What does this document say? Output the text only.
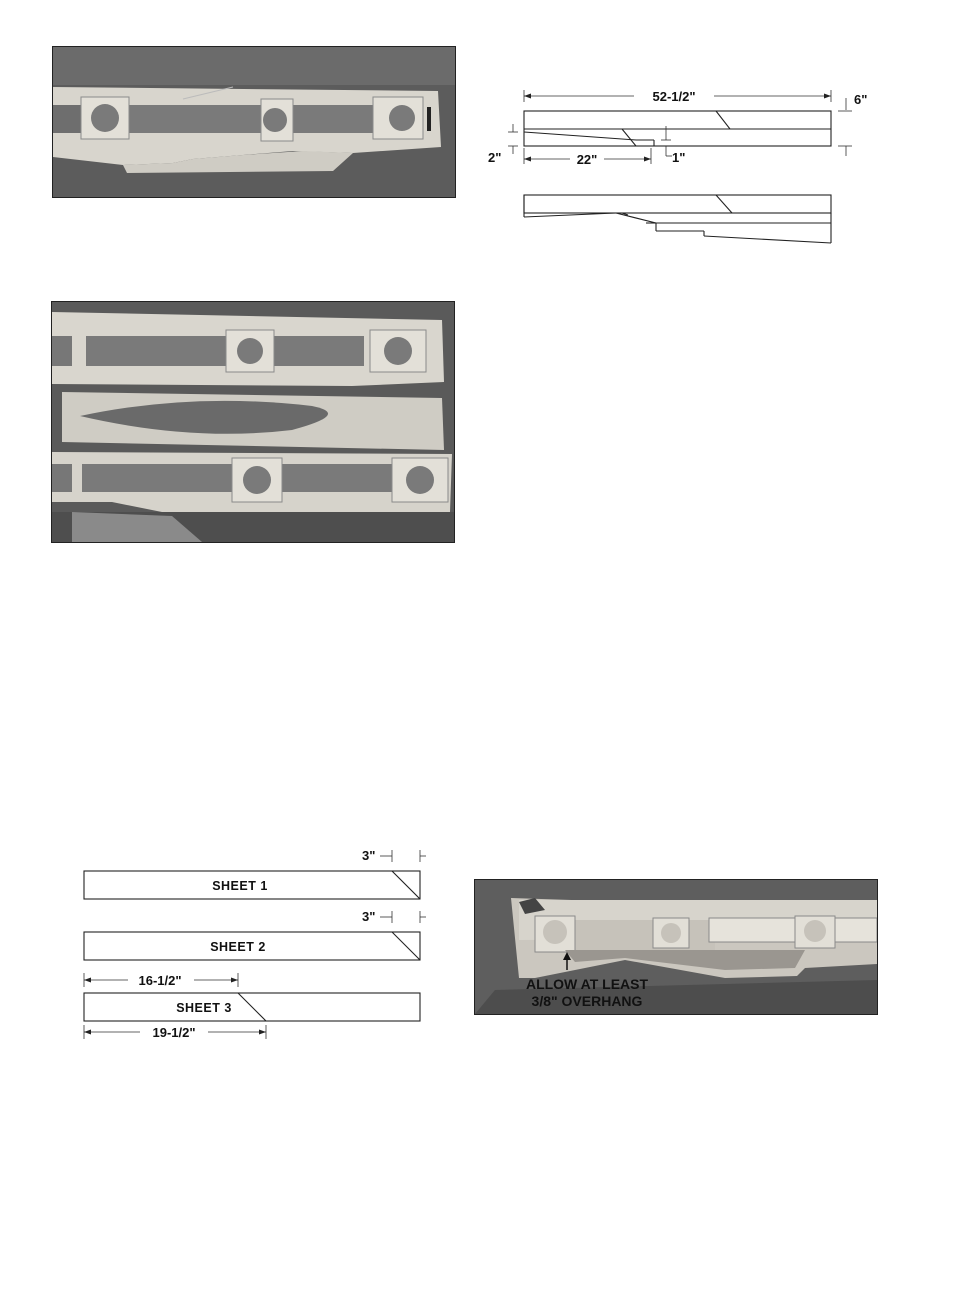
52-1/2"	6"
2"	22"	1"
3"
SHEET 1
3"
SHEET 2
16-1/2"
SHEET 3
19-1/2"
ALLOW AT LEAST
3/8" OVERHANG
